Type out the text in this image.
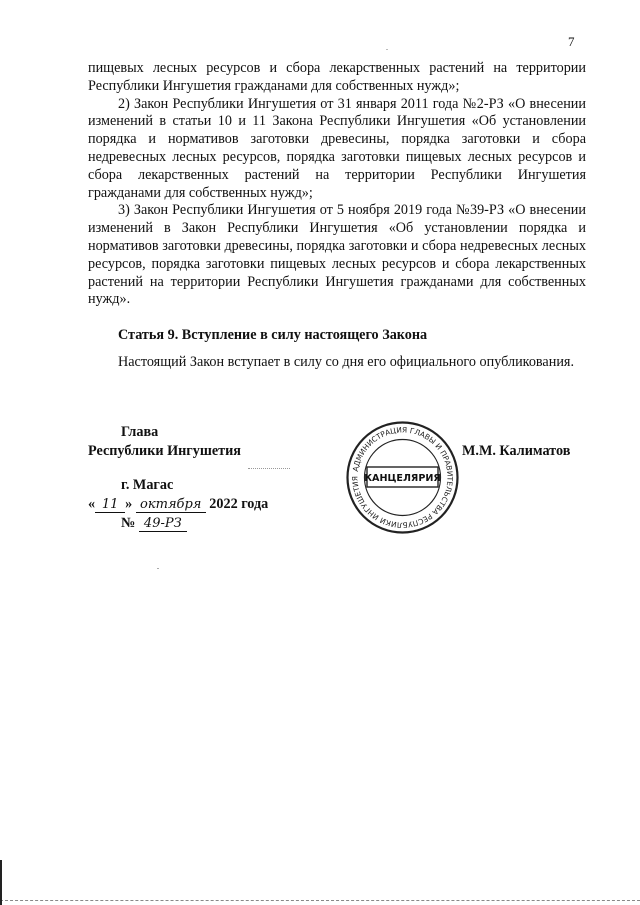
7

пищевых лесных ресурсов и сбора лекарственных растений на территории Республики Ингушетия гражданами для собственных нужд»;

2) Закон Республики Ингушетия от 31 января 2011 года №2-РЗ «О внесении изменений в статьи 10 и 11 Закона Республики Ингушетия «Об установлении порядка и нормативов заготовки древесины, порядка заготовки и сбора недревесных лесных ресурсов, порядка заготовки пищевых лесных ресурсов и сбора лекарственных растений на территории Республики Ингушетия гражданами для собственных нужд»;

3) Закон Республики Ингушетия от 5 ноября 2019 года №39-РЗ «О внесении изменений в Закон Республики Ингушетия «Об установлении порядка и нормативов заготовки древесины, порядка заготовки и сбора недревесных лесных ресурсов, порядка заготовки пищевых лесных ресурсов и сбора лекарственных растений на территории Республики Ингушетия гражданами для собственных нужд».

Статья 9. Вступление в силу настоящего Закона

Настоящий Закон вступает в силу со дня его официального опубликования.

Глава
Республики Ингушетия	М.М. Калиматов
г. Магас
« 11 » октября 2022 года
№ 49-РЗ
АДМИНИСТРАЦИЯ ГЛАВЫ И ПРАВИТЕЛЬСТВА РЕСПУБЛИКИ ИНГУШЕТИЯ КАНЦЕЛЯРИЯ
